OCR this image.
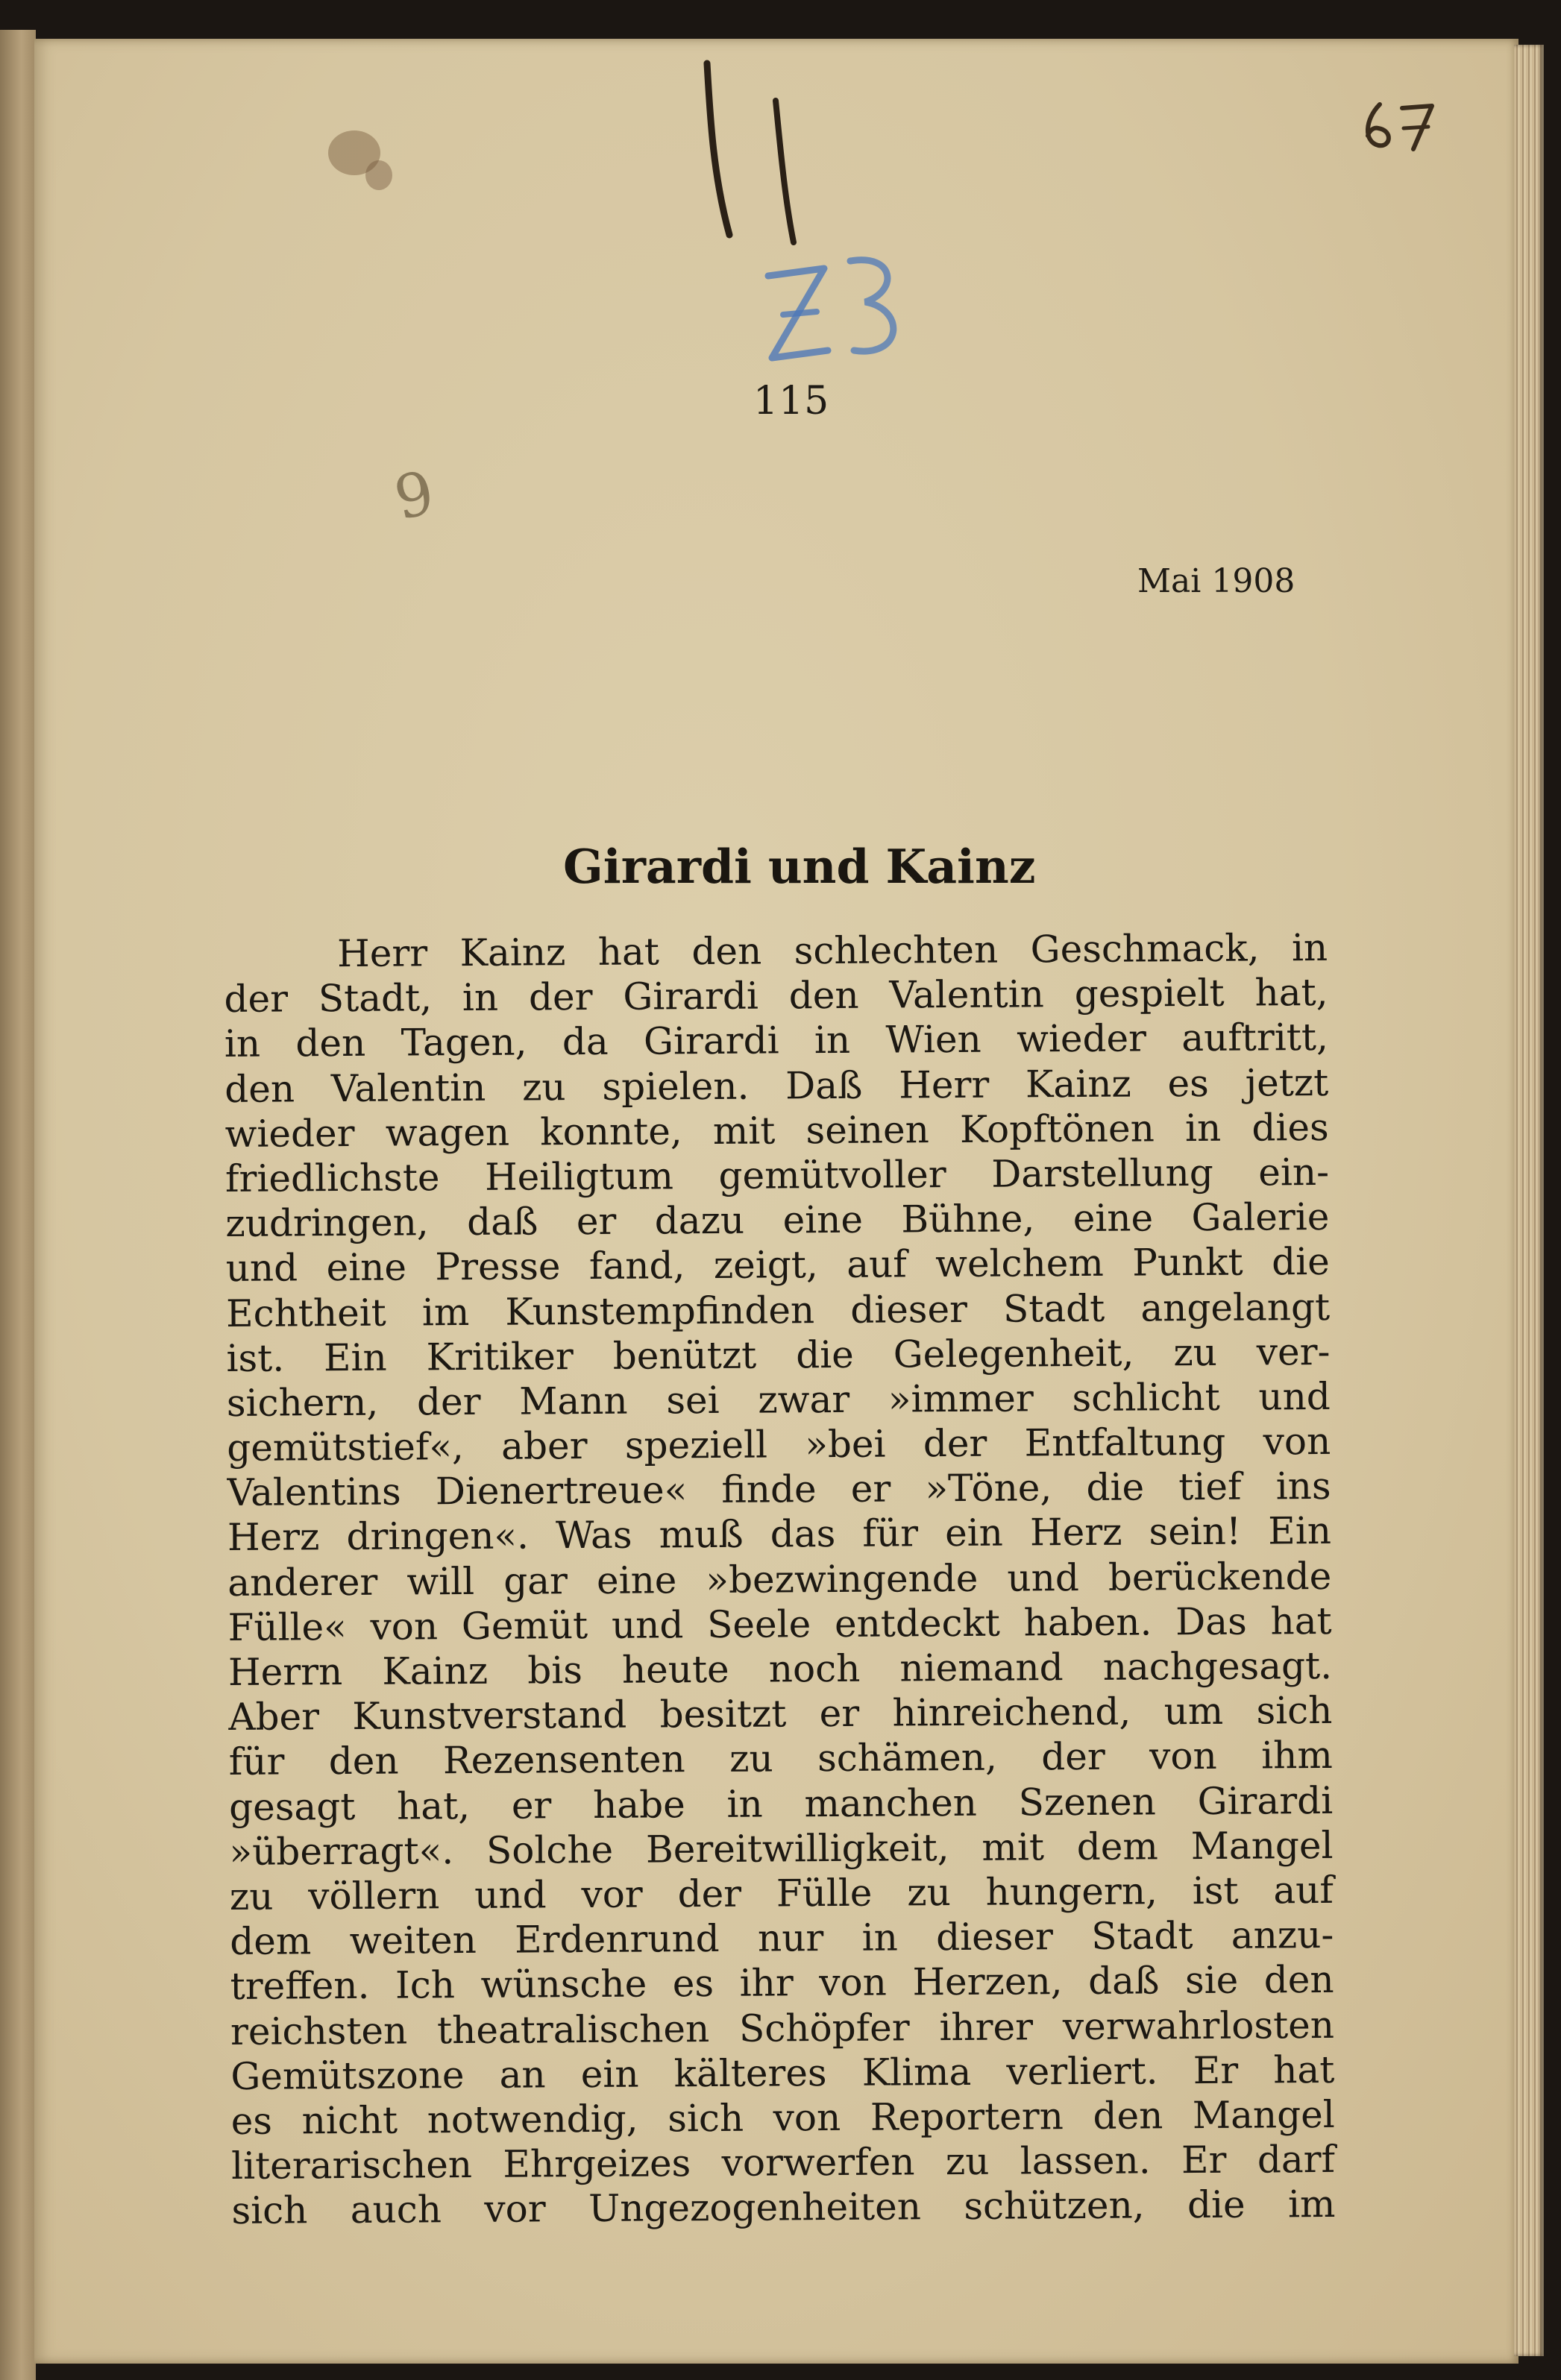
9
115
Mai 1908
Girardi und Kainz
Herr Kainz hat den schlechten Geschmack, in
der Stadt, in der Girardi den Valentin gespielt hat,
in den Tagen, da Girardi in Wien wieder auftritt,
den Valentin zu spielen. Daß Herr Kainz es jetzt
wieder wagen konnte, mit seinen Kopftönen in dies
friedlichste Heiligtum gemütvoller Darstellung ein-
zudringen, daß er dazu eine Bühne, eine Galerie
und eine Presse fand, zeigt, auf welchem Punkt die
Echtheit im Kunstempfinden dieser Stadt angelangt
ist. Ein Kritiker benützt die Gelegenheit, zu ver-
sichern, der Mann sei zwar »immer schlicht und
gemütstief«, aber speziell »bei der Entfaltung von
Valentins Dienertreue« finde er »Töne, die tief ins
Herz dringen«. Was muß das für ein Herz sein! Ein
anderer will gar eine »bezwingende und berückende
Fülle« von Gemüt und Seele entdeckt haben. Das hat
Herrn Kainz bis heute noch niemand nachgesagt.
Aber Kunstverstand besitzt er hinreichend, um sich
für den Rezensenten zu schämen, der von ihm
gesagt hat, er habe in manchen Szenen Girardi
»überragt«. Solche Bereitwilligkeit, mit dem Mangel
zu völlern und vor der Fülle zu hungern, ist auf
dem weiten Erdenrund nur in dieser Stadt anzu-
treffen. Ich wünsche es ihr von Herzen, daß sie den
reichsten theatralischen Schöpfer ihrer verwahrlosten
Gemütszone an ein kälteres Klima verliert. Er hat
es nicht notwendig, sich von Reportern den Mangel
literarischen Ehrgeizes vorwerfen zu lassen. Er darf
sich auch vor Ungezogenheiten schützen, die im
